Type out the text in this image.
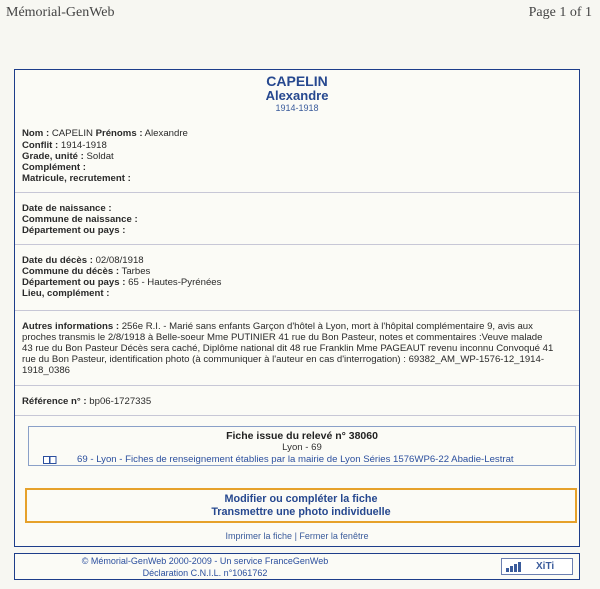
Mémorial-GenWeb	Page 1 of 1
CAPELIN
Alexandre
1914-1918
Nom : CAPELIN Prénoms : Alexandre
Conflit : 1914-1918
Grade, unité : Soldat
Complément :
Matricule, recrutement :
Date de naissance :
Commune de naissance :
Département ou pays :
Date du décès : 02/08/1918
Commune du décès : Tarbes
Département ou pays : 65 - Hautes-Pyrénées
Lieu, complément :
Autres informations : 256e R.I. - Marié sans enfants Garçon d'hôtel à Lyon, mort à l'hôpital complémentaire 9, avis aux
proches transmis le 2/8/1918 à Belle-soeur Mme PUTINIER 41 rue du Bon Pasteur, notes et commentaires :Veuve malade
43 rue du Bon Pasteur Décès sera caché, Diplôme national dit 48 rue Franklin Mme PAGEAUT revenu inconnu Convoqué 41
rue du Bon Pasteur, identification photo (à communiquer à l'auteur en cas d'interrogation) : 69382_AM_WP-1576-12_1914-
1918_0386
Référence n° : bp06-1727335
Fiche issue du relevé n° 38060
Lyon - 69
69 - Lyon - Fiches de renseignement établies par la mairie de Lyon Séries 1576WP6-22 Abadie-Lestrat
Modifier ou compléter la fiche
Transmettre une photo individuelle
Imprimer la fiche | Fermer la fenêtre
© Mémorial-GenWeb 2000-2009 - Un service FranceGenWeb
Déclaration C.N.I.L. n°1061762
XiTi
